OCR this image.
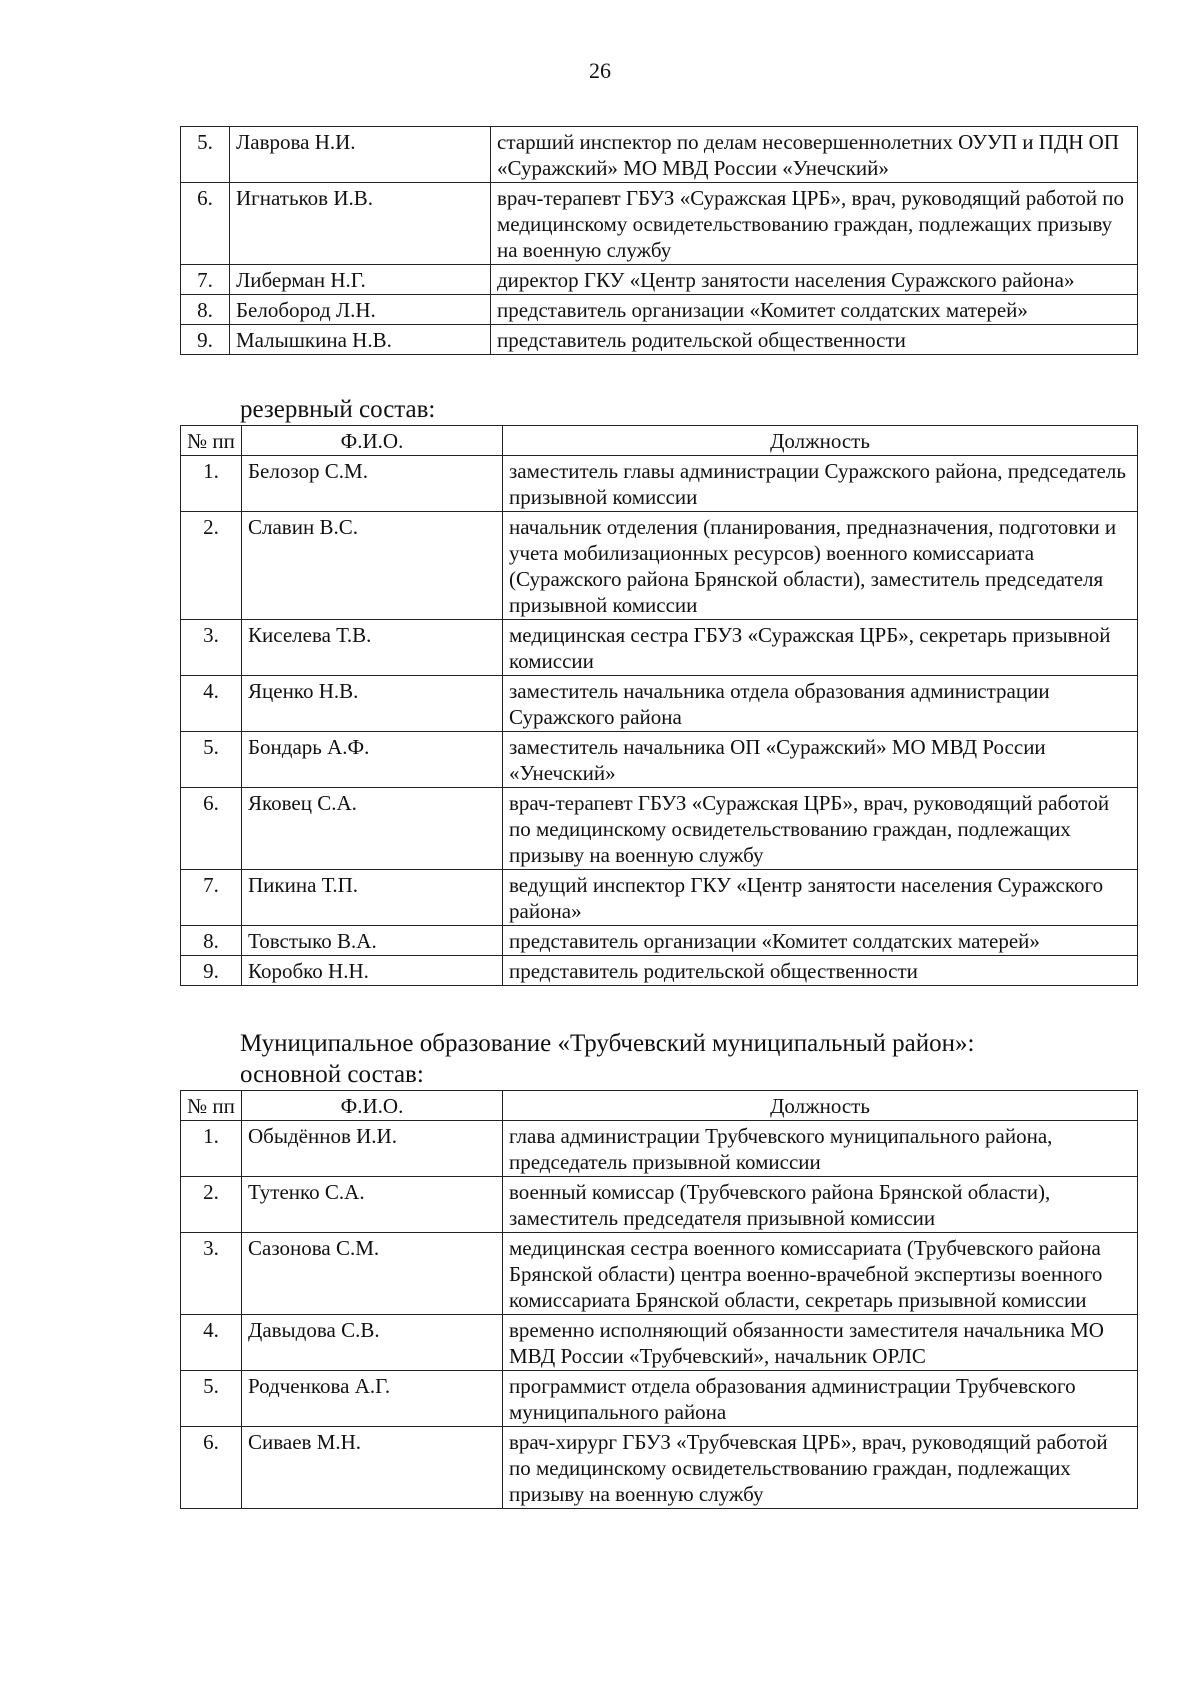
26
5.	Лаврова Н.И.	старший инспектор по делам несовершеннолетних ОУУП и ПДН ОП «Суражский» МО МВД России «Унечский»
6.	Игнатьков И.В.	врач-терапевт ГБУЗ «Суражская ЦРБ», врач, руководящий работой по медицинскому освидетельствованию граждан, подлежащих призыву на военную службу
7.	Либерман Н.Г.	директор ГКУ «Центр занятости населения Суражского района»
8.	Белобород Л.Н.	представитель организации «Комитет солдатских матерей»
9.	Малышкина Н.В.	представитель родительской общественности
резервный состав:
№ пп	Ф.И.О.	Должность
1.	Белозор С.М.	заместитель главы администрации Суражского района, председатель призывной комиссии
2.	Славин В.С.	начальник отделения (планирования, предназначения, подготовки и учета мобилизационных ресурсов) военного комиссариата (Суражского района Брянской области), заместитель председателя призывной комиссии
3.	Киселева Т.В.	медицинская сестра ГБУЗ «Суражская ЦРБ», секретарь призывной комиссии
4.	Яценко Н.В.	заместитель начальника отдела образования администрации Суражского района
5.	Бондарь А.Ф.	заместитель начальника ОП «Суражский» МО МВД России «Унечский»
6.	Яковец С.А.	врач-терапевт ГБУЗ «Суражская ЦРБ», врач, руководящий работой по медицинскому освидетельствованию граждан, подлежащих призыву на военную службу
7.	Пикина Т.П.	ведущий инспектор ГКУ «Центр занятости населения Суражского района»
8.	Товстыко В.А.	представитель организации «Комитет солдатских матерей»
9.	Коробко Н.Н.	представитель родительской общественности
Муниципальное образование «Трубчевский муниципальный район»:
основной состав:
№ пп	Ф.И.О.	Должность
1.	Обыдённов И.И.	глава администрации Трубчевского муниципального района, председатель призывной комиссии
2.	Тутенко С.А.	военный комиссар (Трубчевского района Брянской области), заместитель председателя призывной комиссии
3.	Сазонова С.М.	медицинская сестра военного комиссариата (Трубчевского района Брянской области) центра военно-врачебной экспертизы военного комиссариата Брянской области, секретарь призывной комиссии
4.	Давыдова С.В.	временно исполняющий обязанности заместителя начальника МО МВД России «Трубчевский», начальник ОРЛС
5.	Родченкова А.Г.	программист отдела образования администрации Трубчевского муниципального района
6.	Сиваев М.Н.	врач-хирург ГБУЗ «Трубчевская ЦРБ», врач, руководящий работой по медицинскому освидетельствованию граждан, подлежащих призыву на военную службу
